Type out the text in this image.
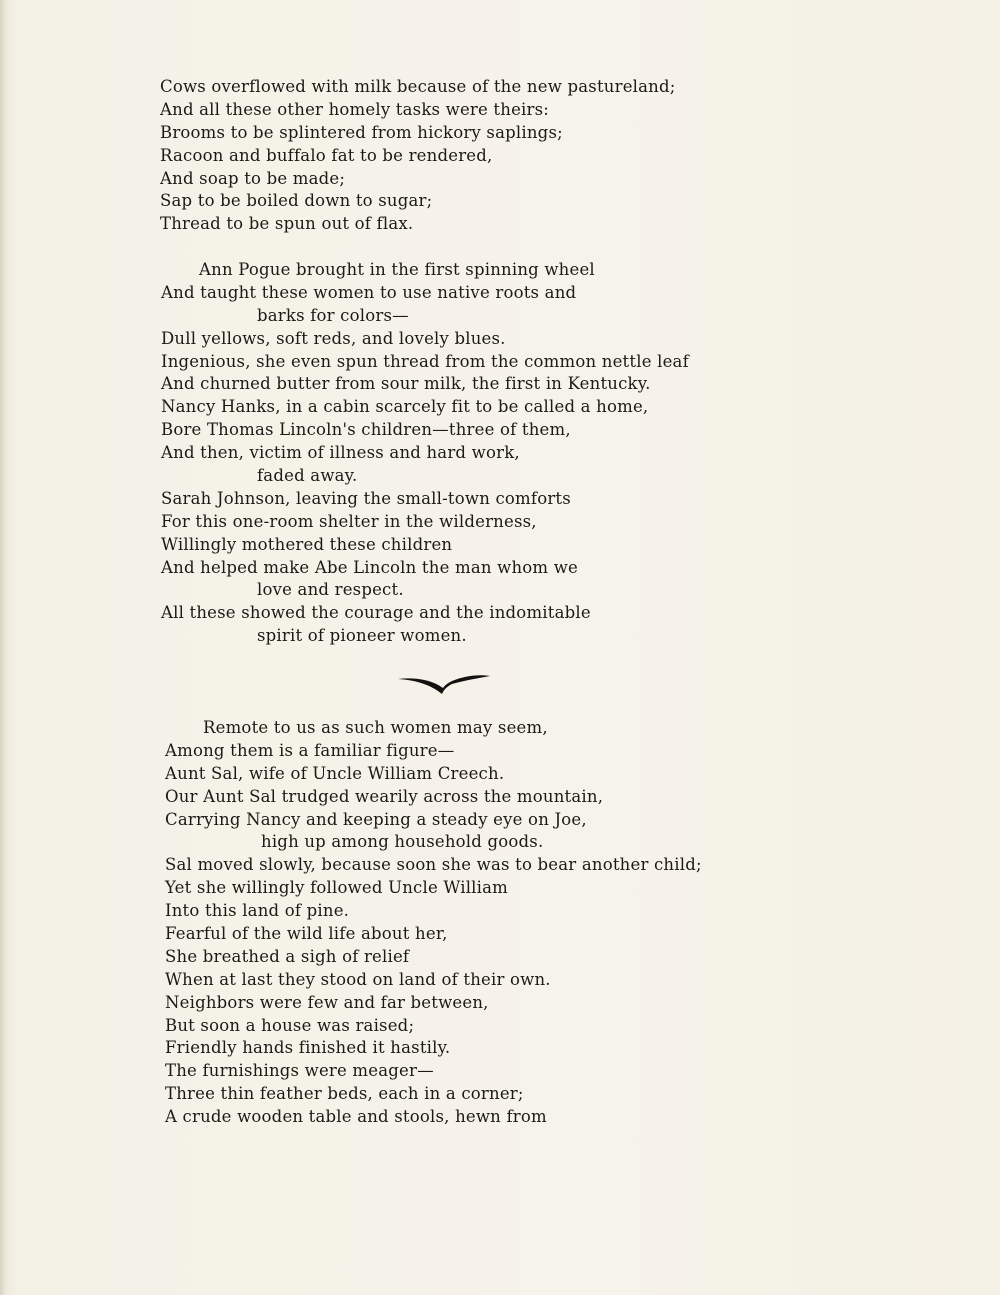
Cows overflowed with milk because of the new pastureland;
And all these other homely tasks were theirs:
Brooms to be splintered from hickory saplings;
Racoon and buffalo fat to be rendered,
And soap to be made;
Sap to be boiled down to sugar;
Thread to be spun out of flax.
Ann Pogue brought in the first spinning wheel
And taught these women to use native roots and
barks for colors—
Dull yellows, soft reds, and lovely blues.
Ingenious, she even spun thread from the common nettle leaf
And churned butter from sour milk, the first in Kentucky.
Nancy Hanks, in a cabin scarcely fit to be called a home,
Bore Thomas Lincoln's children—three of them,
And then, victim of illness and hard work,
faded away.
Sarah Johnson, leaving the small-town comforts
For this one-room shelter in the wilderness,
Willingly mothered these children
And helped make Abe Lincoln the man whom we
love and respect.
All these showed the courage and the indomitable
spirit of pioneer women.
Remote to us as such women may seem,
Among them is a familiar figure—
Aunt Sal, wife of Uncle William Creech.
Our Aunt Sal trudged wearily across the mountain,
Carrying Nancy and keeping a steady eye on Joe,
high up among household goods.
Sal moved slowly, because soon she was to bear another child;
Yet she willingly followed Uncle William
Into this land of pine.
Fearful of the wild life about her,
She breathed a sigh of relief
When at last they stood on land of their own.
Neighbors were few and far between,
But soon a house was raised;
Friendly hands finished it hastily.
The furnishings were meager—
Three thin feather beds, each in a corner;
A crude wooden table and stools, hewn from
